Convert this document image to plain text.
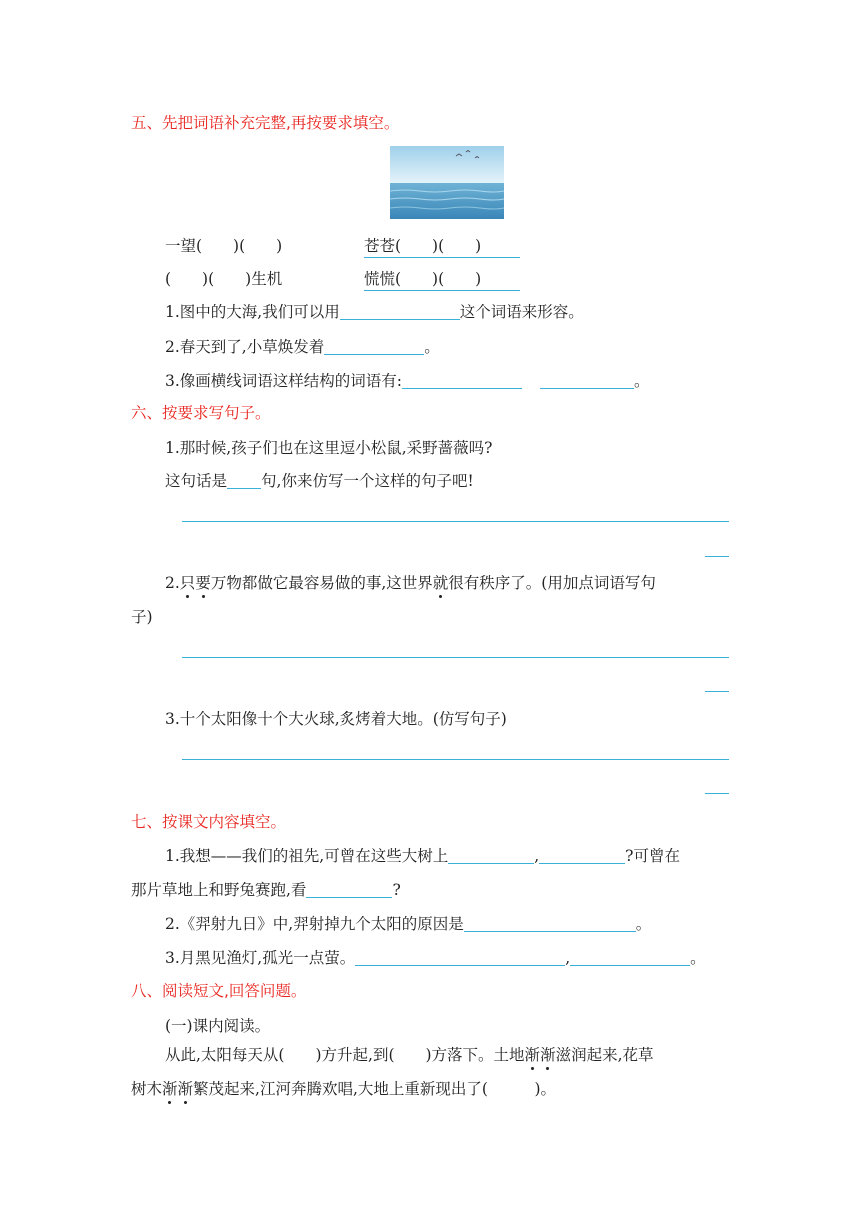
五、先把词语补充完整,再按要求填空。
一望(　　)(　　)	苍苍(　　)(　　)
(　　)(　　)生机	慌慌(　　)(　　)
1.图中的大海,我们可以用	这个词语来形容。
2.春天到了,小草焕发着	。
3.像画横线词语这样结构的词语有:	。
六、按要求写句子。
1.那时候,孩子们也在这里逗小松鼠,采野蔷薇吗?
这句话是 句,你来仿写一个这样的句子吧!
2.只要万物都做它最容易做的事,这世界就很有秩序了。(用加点词语写句
子)
3.十个太阳像十个大火球,炙烤着大地。(仿写句子)
七、按课文内容填空。
1.我想——我们的祖先,可曾在这些大树上	,	?可曾在
那片草地上和野兔赛跑,看	?
2.《羿射九日》中,羿射掉九个太阳的原因是	。
3.月黑见渔灯,孤光一点萤。	,	。
八、阅读短文,回答问题。
(一)课内阅读。
从此,太阳每天从(　　)方升起,到(　　)方落下。土地渐渐滋润起来,花草
树木渐渐繁茂起来,江河奔腾欢唱,大地上重新现出了(　　　)。
